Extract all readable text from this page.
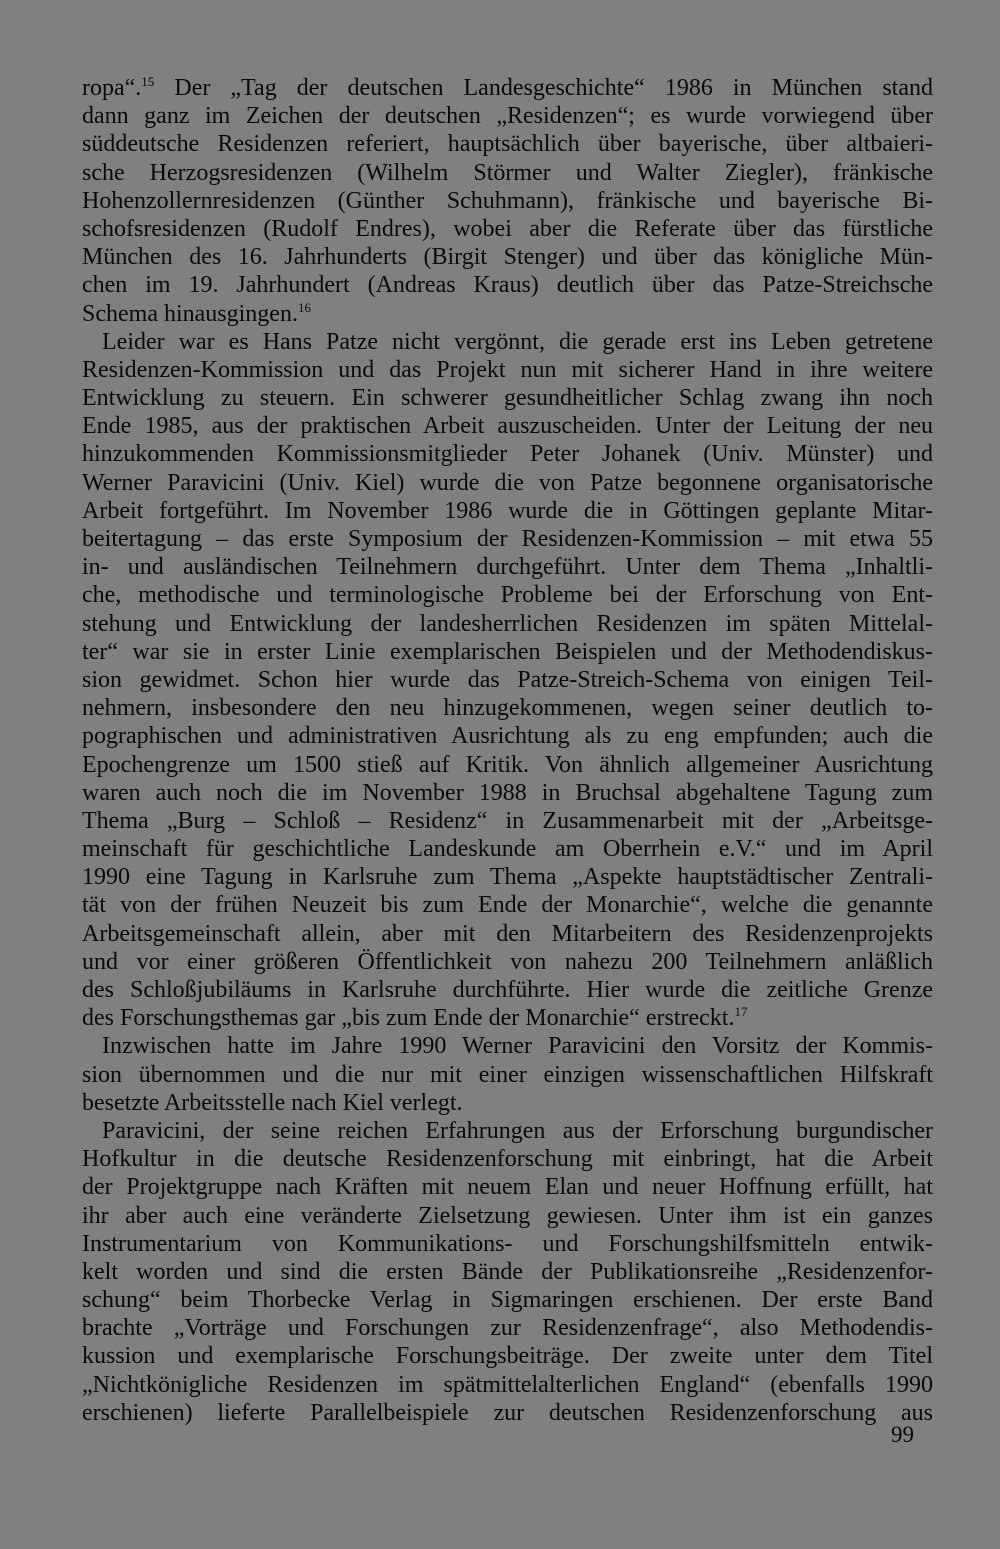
ropa“.$^{15}$ Der „Tag der deutschen Landesgeschichte“ 1986 in München stand
dann ganz im Zeichen der deutschen „Residenzen“; es wurde vorwiegend über
süddeutsche Residenzen referiert, hauptsächlich über bayerische, über altbaieri-
sche Herzogsresidenzen (Wilhelm Störmer und Walter Ziegler), fränkische
Hohenzollernresidenzen (Günther Schuhmann), fränkische und bayerische Bi-
schofsresidenzen (Rudolf Endres), wobei aber die Referate über das fürstliche
München des 16. Jahrhunderts (Birgit Stenger) und über das königliche Mün-
chen im 19. Jahrhundert (Andreas Kraus) deutlich über das Patze-Streichsche
Schema hinausgingen.$^{16}$
Leider war es Hans Patze nicht vergönnt, die gerade erst ins Leben getretene
Residenzen-Kommission und das Projekt nun mit sicherer Hand in ihre weitere
Entwicklung zu steuern. Ein schwerer gesundheitlicher Schlag zwang ihn noch
Ende 1985, aus der praktischen Arbeit auszuscheiden. Unter der Leitung der neu
hinzukommenden Kommissionsmitglieder Peter Johanek (Univ. Münster) und
Werner Paravicini (Univ. Kiel) wurde die von Patze begonnene organisatorische
Arbeit fortgeführt. Im November 1986 wurde die in Göttingen geplante Mitar-
beitertagung – das erste Symposium der Residenzen-Kommission – mit etwa 55
in- und ausländischen Teilnehmern durchgeführt. Unter dem Thema „Inhaltli-
che, methodische und terminologische Probleme bei der Erforschung von Ent-
stehung und Entwicklung der landesherrlichen Residenzen im späten Mittelal-
ter“ war sie in erster Linie exemplarischen Beispielen und der Methodendiskus-
sion gewidmet. Schon hier wurde das Patze-Streich-Schema von einigen Teil-
nehmern, insbesondere den neu hinzugekommenen, wegen seiner deutlich to-
pographischen und administrativen Ausrichtung als zu eng empfunden; auch die
Epochengrenze um 1500 stieß auf Kritik. Von ähnlich allgemeiner Ausrichtung
waren auch noch die im November 1988 in Bruchsal abgehaltene Tagung zum
Thema „Burg – Schloß – Residenz“ in Zusammenarbeit mit der „Arbeitsge-
meinschaft für geschichtliche Landeskunde am Oberrhein e.V.“ und im April
1990 eine Tagung in Karlsruhe zum Thema „Aspekte hauptstädtischer Zentrali-
tät von der frühen Neuzeit bis zum Ende der Monarchie“, welche die genannte
Arbeitsgemeinschaft allein, aber mit den Mitarbeitern des Residenzenprojekts
und vor einer größeren Öffentlichkeit von nahezu 200 Teilnehmern anläßlich
des Schloßjubiläums in Karlsruhe durchführte. Hier wurde die zeitliche Grenze
des Forschungsthemas gar „bis zum Ende der Monarchie“ erstreckt.$^{17}$
Inzwischen hatte im Jahre 1990 Werner Paravicini den Vorsitz der Kommis-
sion übernommen und die nur mit einer einzigen wissenschaftlichen Hilfskraft
besetzte Arbeitsstelle nach Kiel verlegt.
Paravicini, der seine reichen Erfahrungen aus der Erforschung burgundischer
Hofkultur in die deutsche Residenzenforschung mit einbringt, hat die Arbeit
der Projektgruppe nach Kräften mit neuem Elan und neuer Hoffnung erfüllt, hat
ihr aber auch eine veränderte Zielsetzung gewiesen. Unter ihm ist ein ganzes
Instrumentarium von Kommunikations- und Forschungshilfsmitteln entwik-
kelt worden und sind die ersten Bände der Publikationsreihe „Residenzenfor-
schung“ beim Thorbecke Verlag in Sigmaringen erschienen. Der erste Band
brachte „Vorträge und Forschungen zur Residenzenfrage“, also Methodendis-
kussion und exemplarische Forschungsbeiträge. Der zweite unter dem Titel
„Nichtkönigliche Residenzen im spätmittelalterlichen England“ (ebenfalls 1990
erschienen) lieferte Parallelbeispiele zur deutschen Residenzenforschung aus
99
